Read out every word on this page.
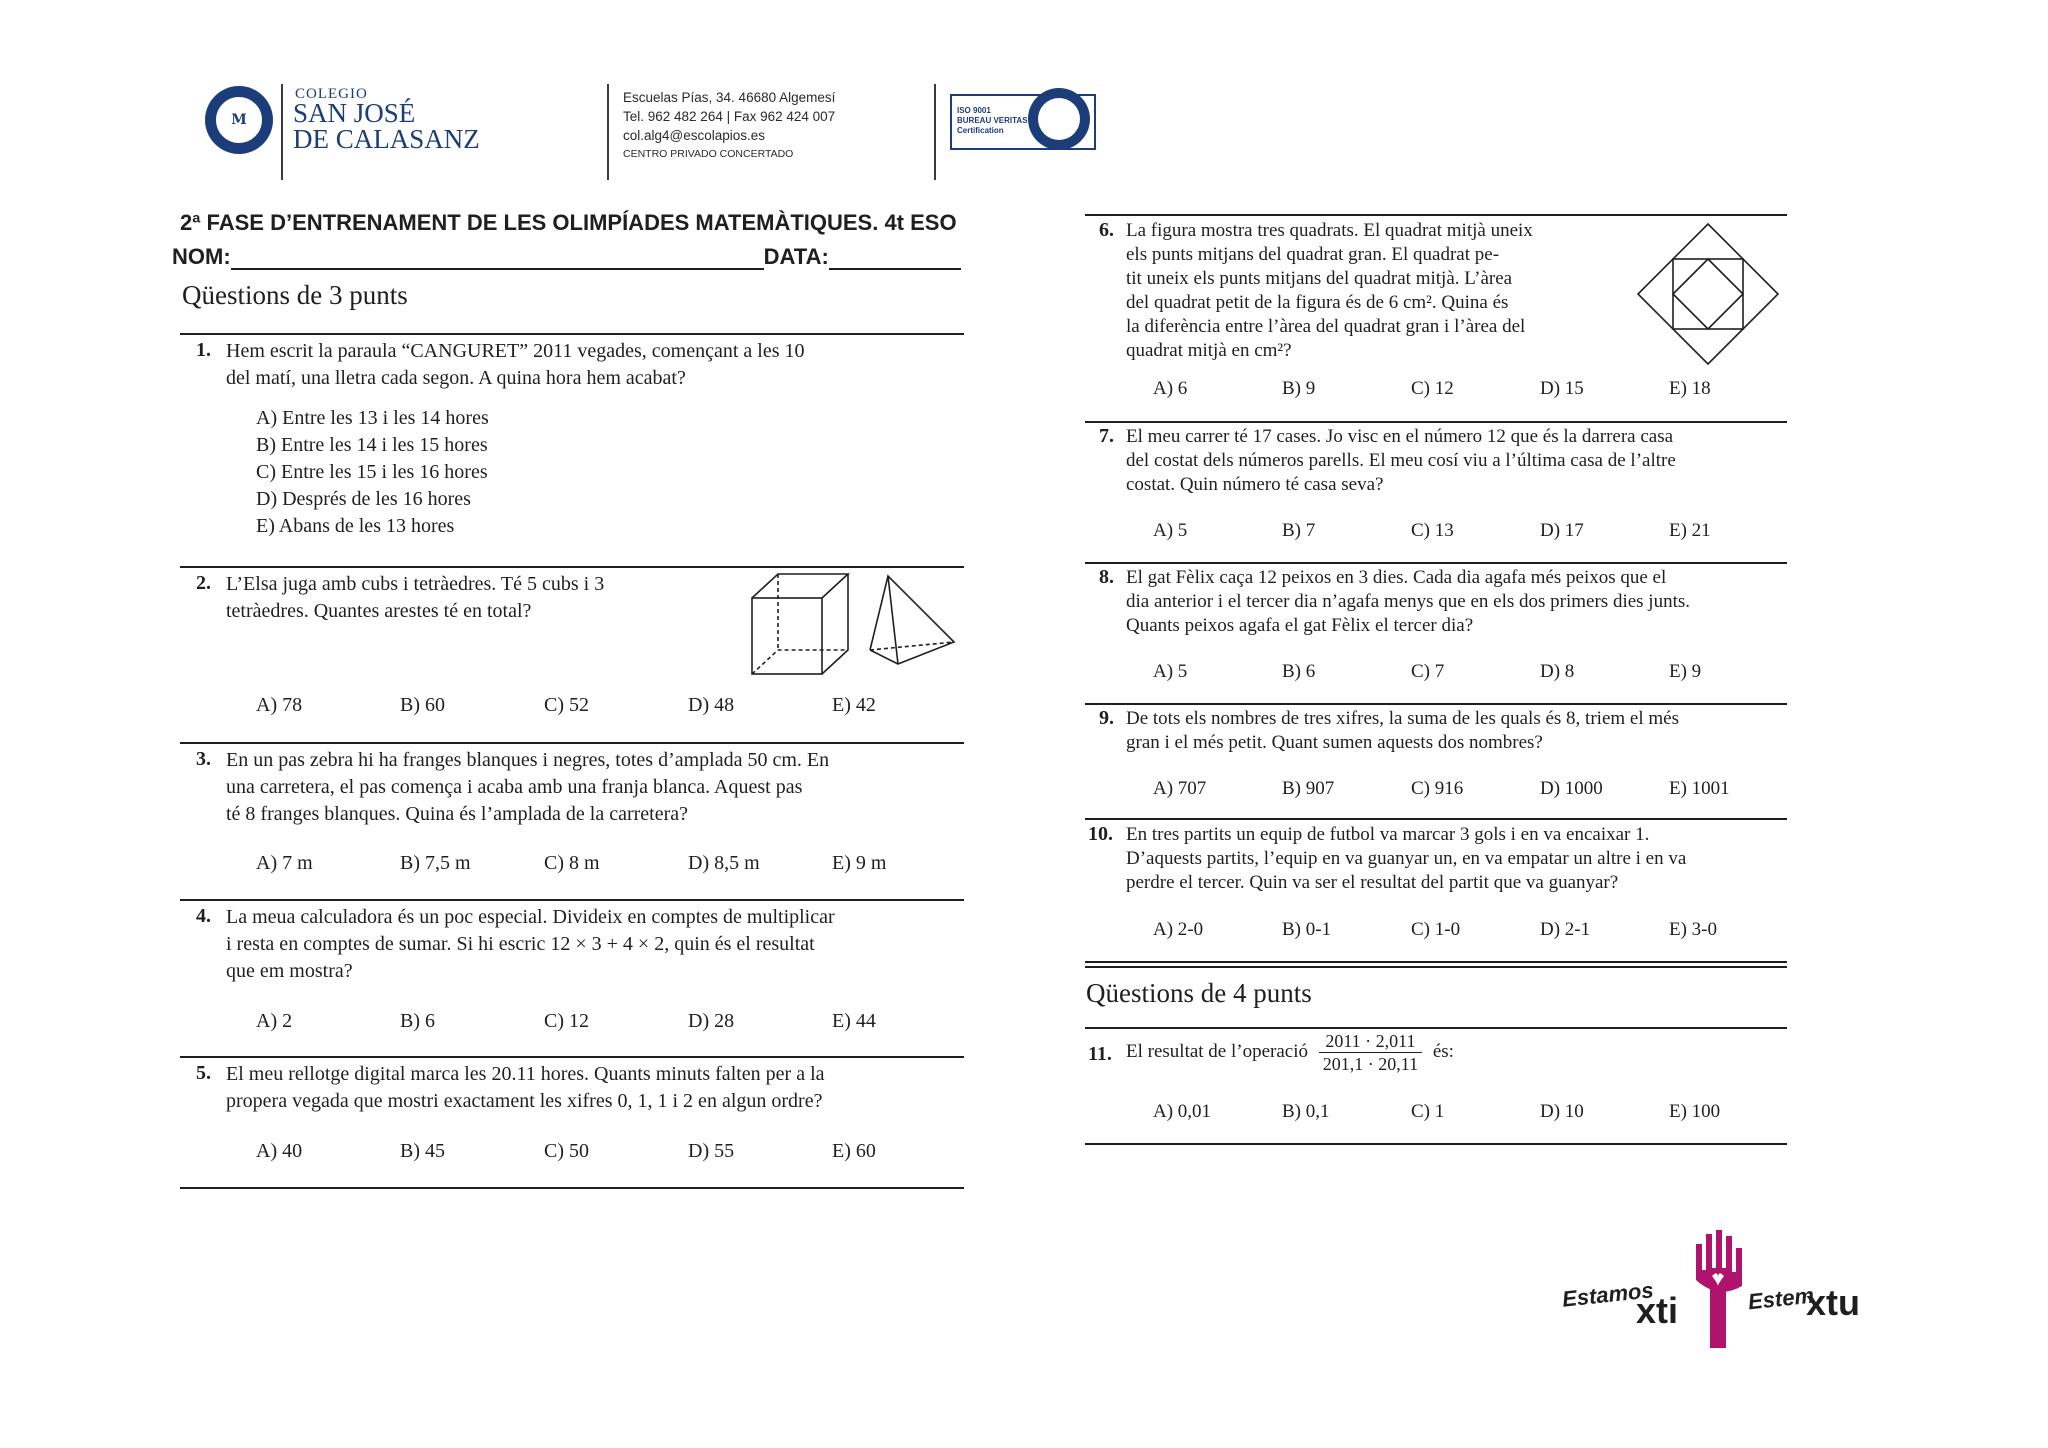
M
COLEGIO
SAN JOSÉ
DE CALASANZ
Escuelas Pías, 34. 46680 Algemesí
Tel. 962 482 264 | Fax 962 424 007
col.alg4@escolapios.es
CENTRO PRIVADO CONCERTADO
ISO 9001
BUREAU VERITAS
Certification
2ª FASE D’ENTRENAMENT DE LES OLIMPÍADES MATEMÀTIQUES. 4t ESO
NOM:	DATA:
Qüestions de 3 punts
1. Hem escrit la paraula “CANGURET” 2011 vegades, començant a les 10
del matí, una lletra cada segon. A quina hora hem acabat?
A) Entre les 13 i les 14 hores
B) Entre les 14 i les 15 hores
C) Entre les 15 i les 16 hores
D) Després de les 16 hores
E) Abans de les 13 hores
2. L’Elsa juga amb cubs i tetràedres. Té 5 cubs i 3
tetràedres. Quantes arestes té en total?
A) 78	B) 60	C) 52	D) 48	E) 42
3. En un pas zebra hi ha franges blanques i negres, totes d’amplada 50 cm. En
una carretera, el pas comença i acaba amb una franja blanca. Aquest pas
té 8 franges blanques. Quina és l’amplada de la carretera?
A) 7 m	B) 7,5 m	C) 8 m	D) 8,5 m	E) 9 m
4. La meua calculadora és un poc especial. Divideix en comptes de multiplicar
i resta en comptes de sumar. Si hi escric 12 × 3 + 4 × 2, quin és el resultat
que em mostra?
A) 2	B) 6	C) 12	D) 28	E) 44
5. El meu rellotge digital marca les 20.11 hores. Quants minuts falten per a la
propera vegada que mostri exactament les xifres 0, 1, 1 i 2 en algun ordre?
A) 40	B) 45	C) 50	D) 55	E) 60
6. La figura mostra tres quadrats. El quadrat mitjà uneix
els punts mitjans del quadrat gran. El quadrat pe-
tit uneix els punts mitjans del quadrat mitjà. L’àrea
del quadrat petit de la figura és de 6 cm². Quina és
la diferència entre l’àrea del quadrat gran i l’àrea del
quadrat mitjà en cm²?
A) 6	B) 9	C) 12	D) 15	E) 18
7. El meu carrer té 17 cases. Jo visc en el número 12 que és la darrera casa
del costat dels números parells. El meu cosí viu a l’última casa de l’altre
costat. Quin número té casa seva?
A) 5	B) 7	C) 13	D) 17	E) 21
8. El gat Fèlix caça 12 peixos en 3 dies. Cada dia agafa més peixos que el
dia anterior i el tercer dia n’agafa menys que en els dos primers dies junts.
Quants peixos agafa el gat Fèlix el tercer dia?
A) 5	B) 6	C) 7	D) 8	E) 9
9. De tots els nombres de tres xifres, la suma de les quals és 8, triem el més
gran i el més petit. Quant sumen aquests dos nombres?
A) 707	B) 907	C) 916	D) 1000	E) 1001
10. En tres partits un equip de futbol va marcar 3 gols i en va encaixar 1.
D’aquests partits, l’equip en va guanyar un, en va empatar un altre i en va
perdre el tercer. Quin va ser el resultat del partit que va guanyar?
A) 2-0	B) 0-1	C) 1-0	D) 2-1	E) 3-0
Qüestions de 4 punts
11. El resultat de l’operació $\frac{2011 \cdot 2,011}{201,1 \cdot 20,11}$ és:
A) 0,01	B) 0,1	C) 1	D) 10	E) 100
Estamos
xti	Estem
xtu
